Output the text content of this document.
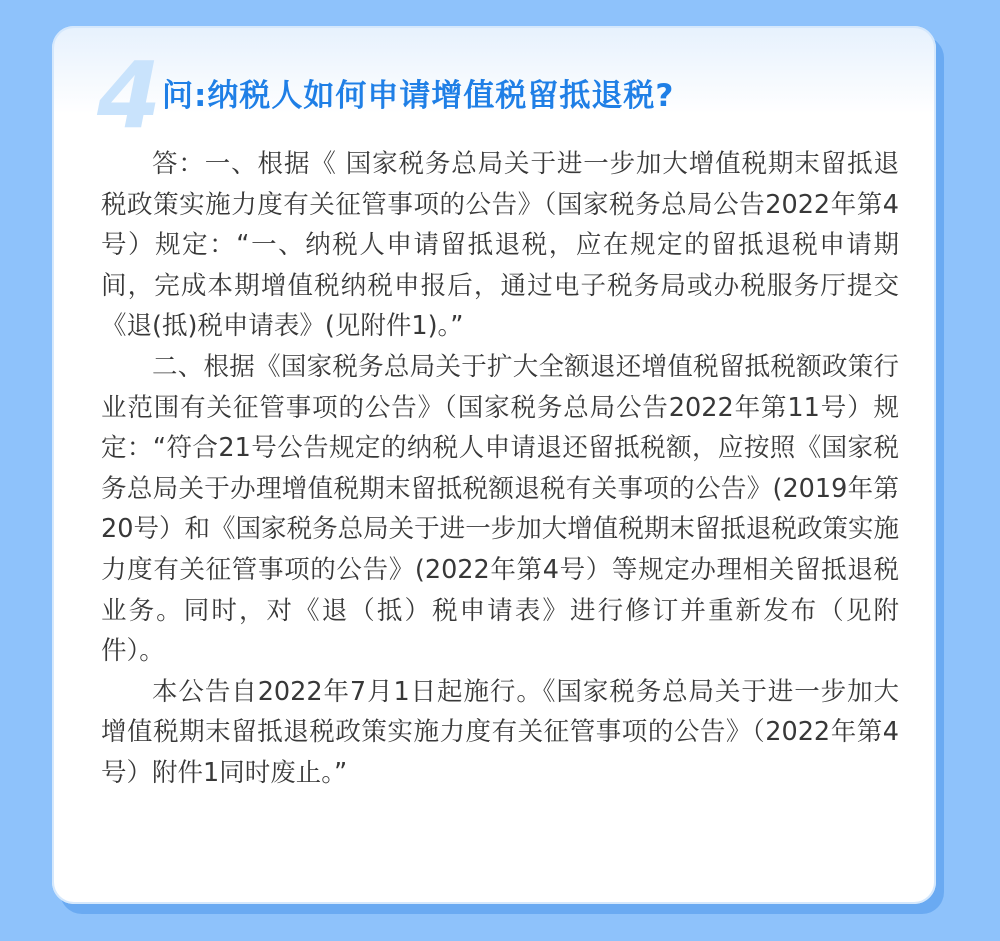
4 问:纳税人如何申请增值税留抵退税?

答：一、根据《 国家税务总局关于进一步加大增值税期末留抵退税政策实施力度有关征管事项的公告》（国家税务总局公告2022年第4号）规定：“一、纳税人申请留抵退税，应在规定的留抵退税申请期间，完成本期增值税纳税申报后，通过电子税务局或办税服务厅提交《退(抵)税申请表》(见附件1)。”

二、根据《国家税务总局关于扩大全额退还增值税留抵税额政策行业范围有关征管事项的公告》（国家税务总局公告2022年第11号）规定：“符合21号公告规定的纳税人申请退还留抵税额，应按照《国家税务总局关于办理增值税期末留抵税额退税有关事项的公告》(2019年第20号）和《国家税务总局关于进一步加大增值税期末留抵退税政策实施力度有关征管事项的公告》(2022年第4号）等规定办理相关留抵退税业务。同时，对《退（抵）税申请表》进行修订并重新发布（见附件）。

本公告自2022年7月1日起施行。《国家税务总局关于进一步加大增值税期末留抵退税政策实施力度有关征管事项的公告》（2022年第4号）附件1同时废止。”
